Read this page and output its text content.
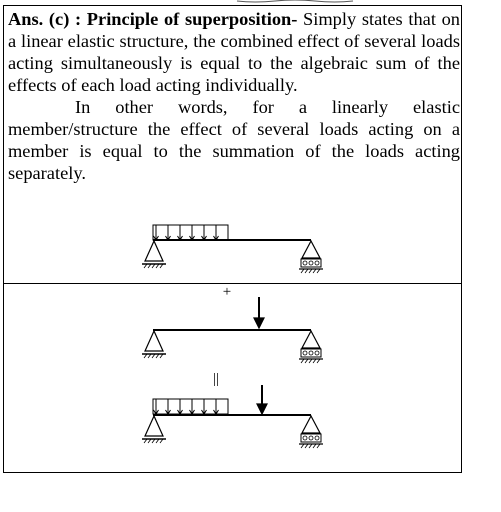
Ans. (c) : Principle of superposition- Simply states that on a linear elastic structure, the combined effect of several loads acting simultaneously is equal to the algebraic sum of the effects of each load acting individually.

In other words, for a linearly elastic member/structure the effect of several loads acting on a member is equal to the summation of the loads acting separately.

+
||
